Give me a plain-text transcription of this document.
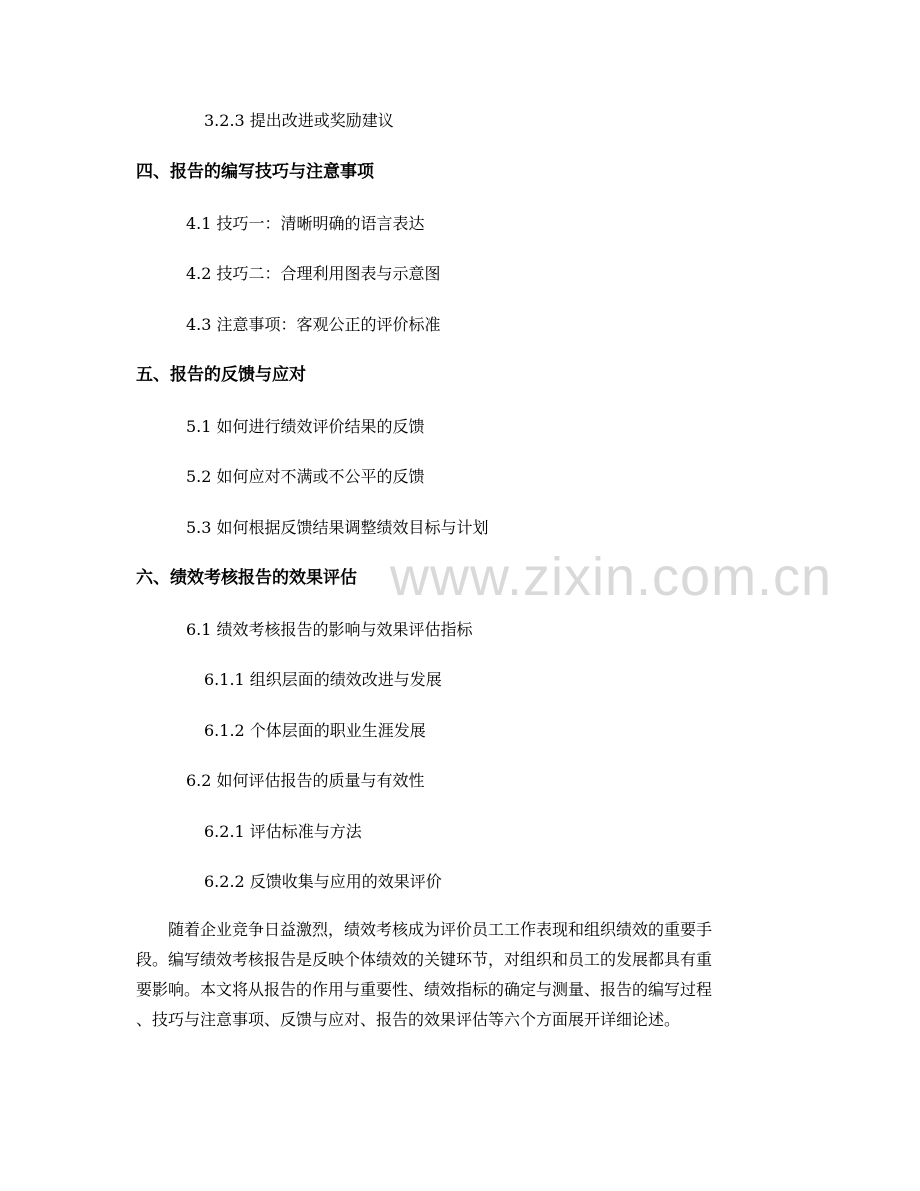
www.zixin.com.cn
3.2.3 提出改进或奖励建议
四、报告的编写技巧与注意事项
4.1 技巧一：清晰明确的语言表达
4.2 技巧二：合理利用图表与示意图
4.3 注意事项：客观公正的评价标准
五、报告的反馈与应对
5.1 如何进行绩效评价结果的反馈
5.2 如何应对不满或不公平的反馈
5.3 如何根据反馈结果调整绩效目标与计划
六、绩效考核报告的效果评估
6.1 绩效考核报告的影响与效果评估指标
6.1.1 组织层面的绩效改进与发展
6.1.2 个体层面的职业生涯发展
6.2 如何评估报告的质量与有效性
6.2.1 评估标准与方法
6.2.2 反馈收集与应用的效果评价
　　随着企业竞争日益激烈，绩效考核成为评价员工工作表现和组织绩效的重要手
段。编写绩效考核报告是反映个体绩效的关键环节，对组织和员工的发展都具有重
要影响。本文将从报告的作用与重要性、绩效指标的确定与测量、报告的编写过程
、技巧与注意事项、反馈与应对、报告的效果评估等六个方面展开详细论述。
